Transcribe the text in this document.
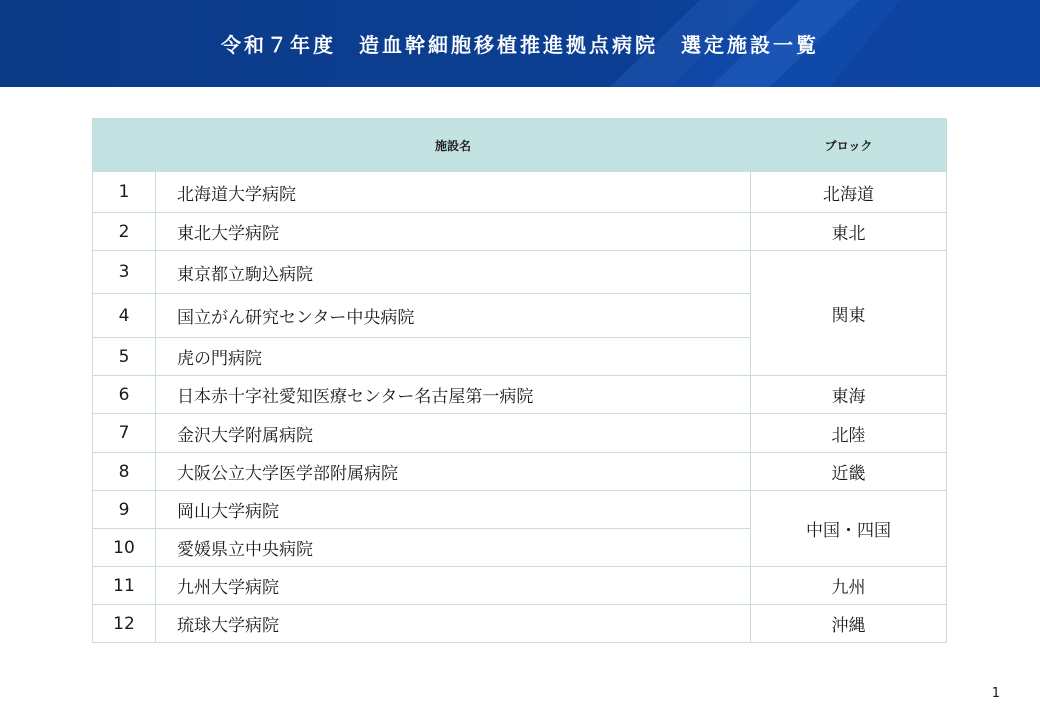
令和７年度　造血幹細胞移植推進拠点病院　選定施設一覧
	施設名	ブロック
1	北海道大学病院	北海道
2	東北大学病院	東北
3	東京都立駒込病院	関東
4	国立がん研究センター中央病院	
5	虎の門病院	
6	日本赤十字社愛知医療センター名古屋第一病院	東海
7	金沢大学附属病院	北陸
8	大阪公立大学医学部附属病院	近畿
9	岡山大学病院	中国・四国
10	愛媛県立中央病院	
11	九州大学病院	九州
12	琉球大学病院	沖縄
1
